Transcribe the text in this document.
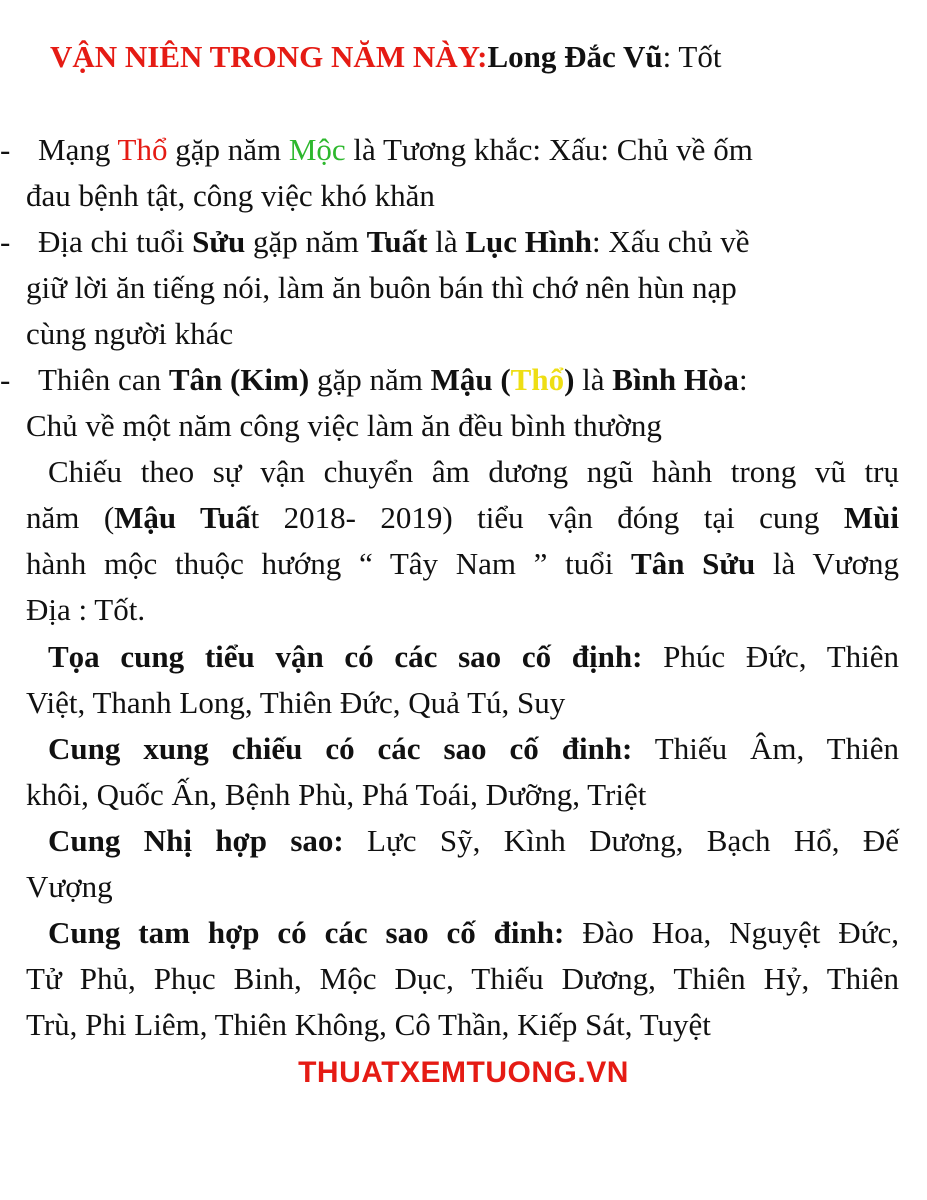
VẬN NIÊN TRONG NĂM NÀY:Long Đắc Vũ: Tốt
- Mạng Thổ gặp năm Mộc là Tương khắc: Xấu: Chủ về ốm
đau bệnh tật, công việc khó khăn
- Địa chi tuổi Sửu gặp năm Tuất là Lục Hình: Xấu chủ về
giữ lời ăn tiếng nói, làm ăn buôn bán thì chớ nên hùn nạp
cùng người khác
- Thiên can Tân (Kim) gặp năm Mậu (Thổ) là Bình Hòa:
Chủ về một năm công việc làm ăn đều bình thường
Chiếu theo sự vận chuyển âm dương ngũ hành trong vũ trụ
năm (Mậu Tuất 2018- 2019) tiểu vận đóng tại cung Mùi
hành mộc thuộc hướng “ Tây Nam ” tuổi Tân Sửu là Vương
Địa : Tốt.
Tọa cung tiểu vận có các sao cố định: Phúc Đức, Thiên
Việt, Thanh Long, Thiên Đức, Quả Tú, Suy
Cung xung chiếu có các sao cố đinh: Thiếu Âm, Thiên
khôi, Quốc Ấn, Bệnh Phù, Phá Toái, Dưỡng, Triệt
Cung Nhị hợp sao: Lực Sỹ, Kình Dương, Bạch Hổ, Đế
Vượng
Cung tam hợp có các sao cố đinh: Đào Hoa, Nguyệt Đức,
Tử Phủ, Phục Binh, Mộc Dục, Thiếu Dương, Thiên Hỷ, Thiên
Trù, Phi Liêm, Thiên Không, Cô Thần, Kiếp Sát, Tuyệt
THUATXEMTUONG.VN
